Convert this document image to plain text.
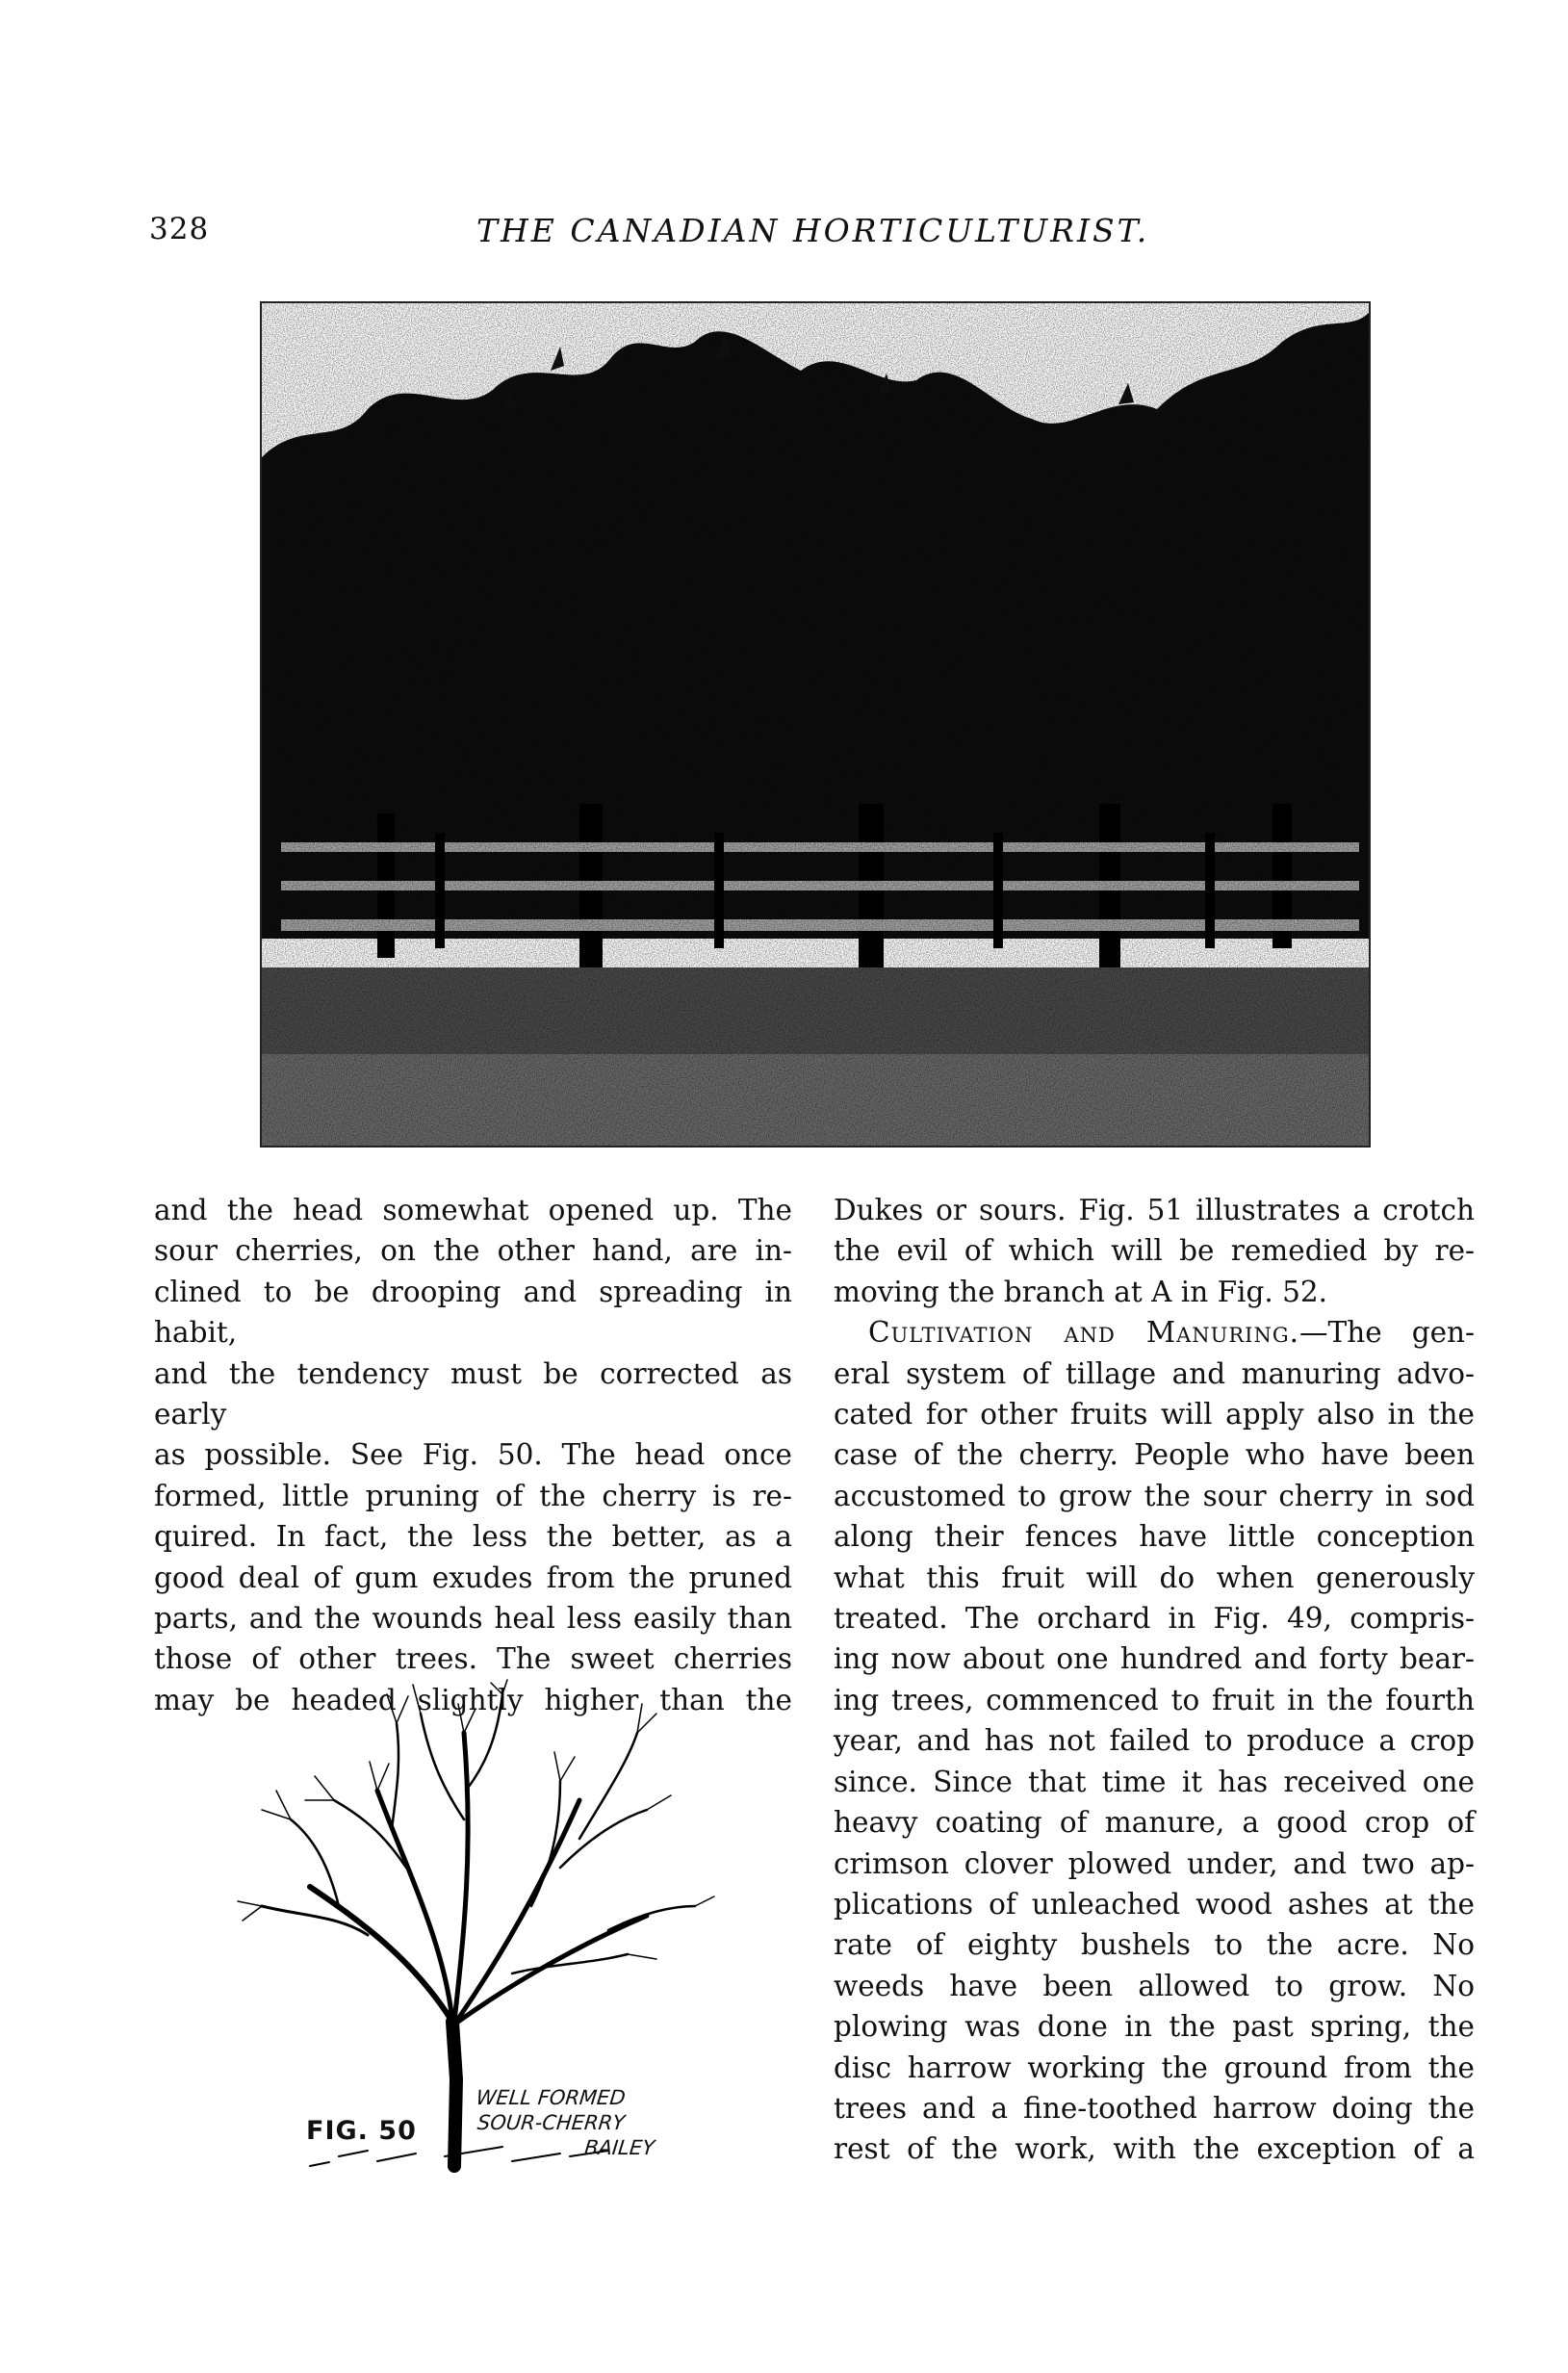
328	THE CANADIAN HORTICULTURIST.

and the head somewhat opened up. The

sour cherries, on the other hand, are in-

clined to be drooping and spreading in habit,

and the tendency must be corrected as early

as possible. See Fig. 50. The head once

formed, little pruning of the cherry is re-

quired. In fact, the less the better, as a

good deal of gum exudes from the pruned

parts, and the wounds heal less easily than

those of other trees. The sweet cherries

may be headed slightly higher than the

FIG. 50
WELL FORMED
SOUR-CHERRY
BAILEY

Dukes or sours. Fig. 51 illustrates a crotch

the evil of which will be remedied by re-

moving the branch at A in Fig. 52.

Cultivation and Manuring.—The gen-

eral system of tillage and manuring advo-

cated for other fruits will apply also in the

case of the cherry. People who have been

accustomed to grow the sour cherry in sod

along their fences have little conception

what this fruit will do when generously

treated. The orchard in Fig. 49, compris-

ing now about one hundred and forty bear-

ing trees, commenced to fruit in the fourth

year, and has not failed to produce a crop

since. Since that time it has received one

heavy coating of manure, a good crop of

crimson clover plowed under, and two ap-

plications of unleached wood ashes at the

rate of eighty bushels to the acre. No

weeds have been allowed to grow. No

plowing was done in the past spring, the

disc harrow working the ground from the

trees and a fine-toothed harrow doing the

rest of the work, with the exception of a
